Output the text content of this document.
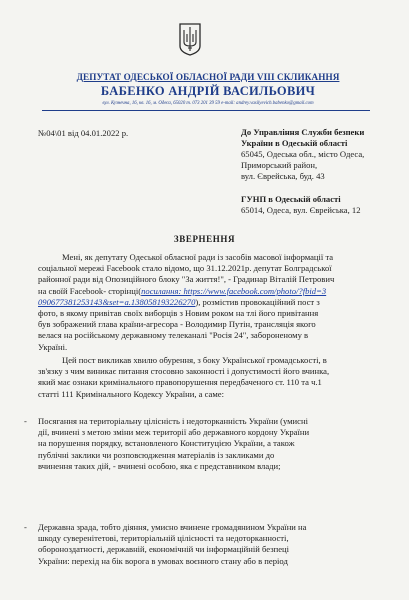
ДЕПУТАТ ОДЕСЬКОЇ ОБЛАСНОЇ РАДИ VIII СКЛИКАННЯ
БАБЕНКО АНДРІЙ ВАСИЛЬОВИЧ
вул. Кузнечна, 16, кв. 16, м. Одеса, 65020 т. 073 201 39 59 e-mail: andrey.vasilyevich.babenko@gmail.com
№04\01 від 04.01.2022 р.	До Управління Служби безпеки
України в Одеській області
65045, Одеська обл., місто Одеса,
Приморський район,
вул. Єврейська, буд. 43
ГУНП в Одеській області
65014, Одеса, вул. Єврейська, 12
ЗВЕРНЕННЯ
Мені, як депутату Одеської обласної ради із засобів масової інформації та
соціальної мережі Facebook стало відомо, що 31.12.2021р. депутат Болградської
районної ради від Опозиційного блоку "За життя!", - Градинар Віталій Петрович
на своїй Facebook- сторінці(посилання: https://www.facebook.com/photo/?fbid=3
090677381253143&set=a.138058193226270), розмістив провокаційний пост з
фото, в якому привітав своїх виборців з Новим роком на тлі його привітання
був зображений глава країни-агресора - Володимир Путін, трансляція якого
велася на російському державному телеканалі "Росія 24", забороненому в
Україні.
Цей пост викликав хвилю обурення, з боку Української громадськості, в
зв'язку з чим виникає питання стосовно законності і допустимості його вчинка,
який має ознаки кримінального правопорушення передбаченого ст. 110 та ч.1
статті 111 Кримінального Кодексу України, а саме:
- Посягання на територіальну цілісність і недоторканність України (умисні
дії, вчинені з метою зміни меж території або державного кордону України
на порушення порядку, встановленого Конституцією України, а також
публічні заклики чи розповсюдження матеріалів із закликами до
вчинення таких дій, - вчинені особою, яка є представником влади;
- Державна зрада, тобто діяння, умисно вчинене громадянином України на
шкоду суверенітетові, територіальній цілісності та недоторканності,
обороноздатності, державній, економічній чи інформаційній безпеці
України: перехід на бік ворога в умовах воєнного стану або в період
